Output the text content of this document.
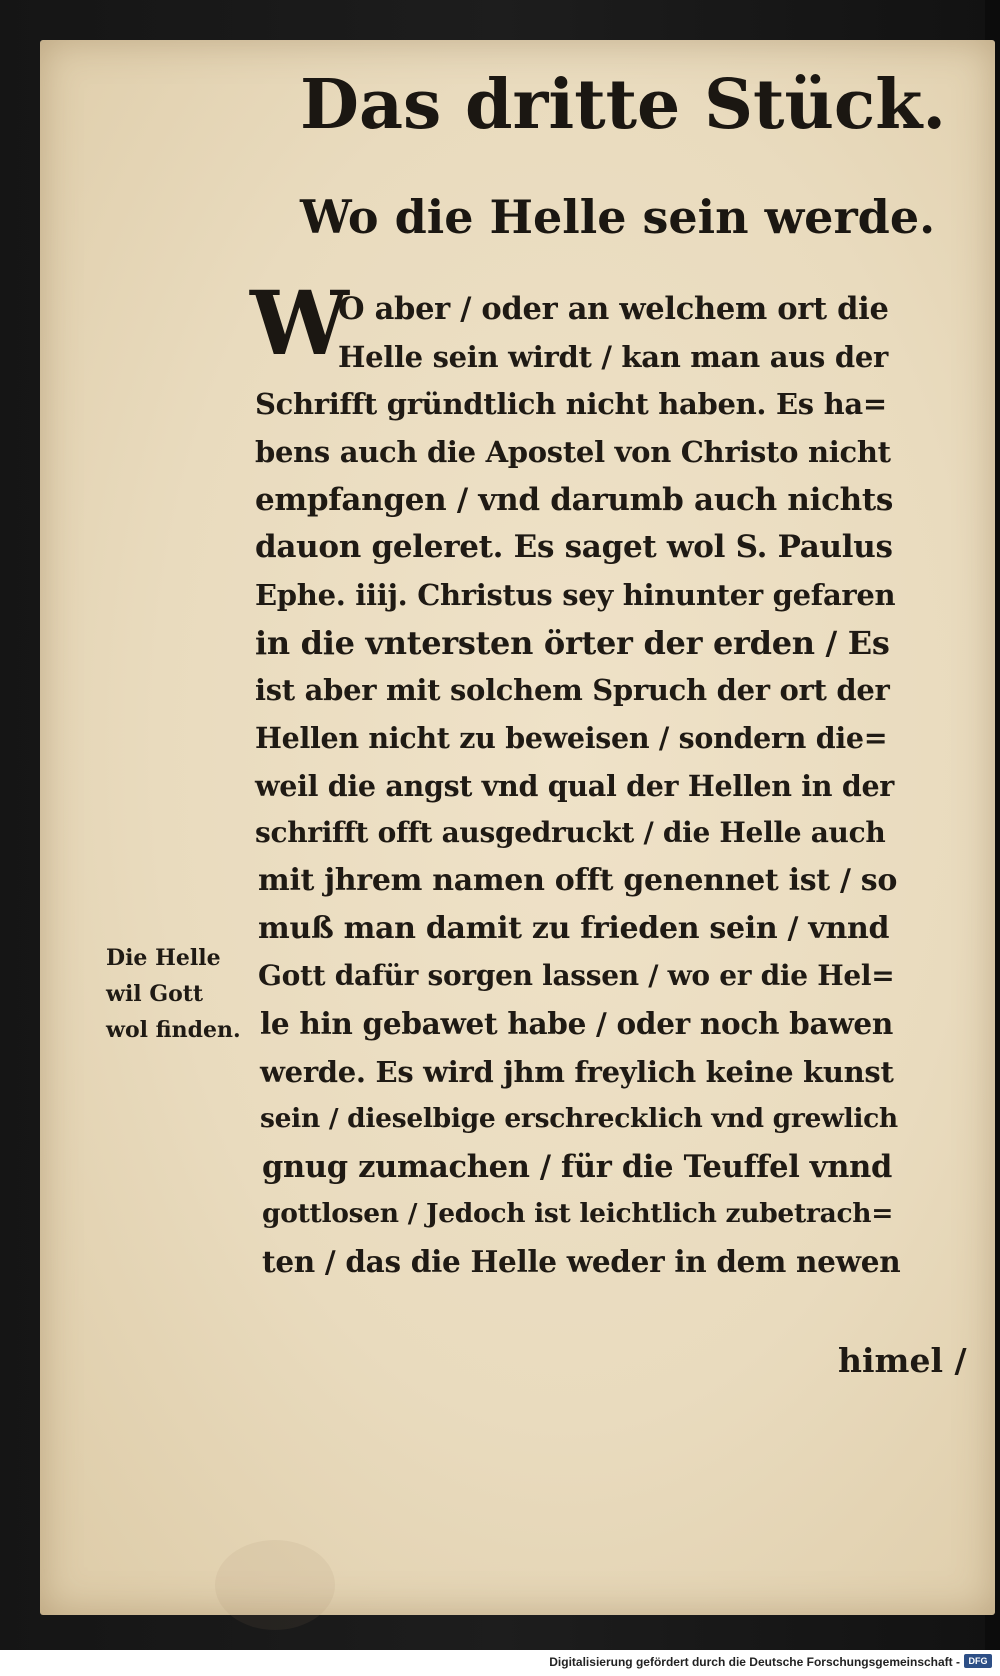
Das dritte Stück.
Wo die Helle sein werde.
W
O aber / oder an welchem ort die
Helle sein wirdt / kan man aus der
Schrifft gründtlich nicht haben. Es ha=
bens auch die Apostel von Christo nicht
empfangen / vnd darumb auch nichts
dauon geleret. Es saget wol S. Paulus
Ephe. iiij. Christus sey hinunter gefaren
in die vntersten örter der erden / Es
ist aber mit solchem Spruch der ort der
Hellen nicht zu beweisen / sondern die=
weil die angst vnd qual der Hellen in der
schrifft offt ausgedruckt / die Helle auch
mit jhrem namen offt genennet ist / so
muß man damit zu frieden sein / vnnd
Gott dafür sorgen lassen / wo er die Hel=
le hin gebawet habe / oder noch bawen
werde. Es wird jhm freylich keine kunst
sein / dieselbige erschrecklich vnd grewlich
gnug zumachen / für die Teuffel vnnd
gottlosen / Jedoch ist leichtlich zubetrach=
ten / das die Helle weder in dem newen
himel /
Die Helle
wil Gott
wol finden.
Digitalisierung gefördert durch die Deutsche Forschungsgemeinschaft - DFG
